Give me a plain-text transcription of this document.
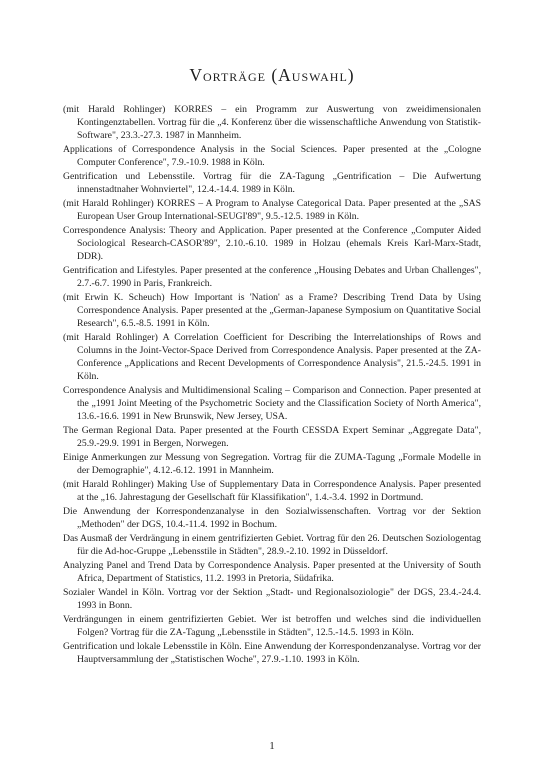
Vorträge (Auswahl)
(mit Harald Rohlinger) KORRES – ein Programm zur Auswertung von zweidimensionalen Kontingenztabellen. Vortrag für die „4. Konferenz über die wissenschaftliche Anwendung von Statistik-Software", 23.3.-27.3. 1987 in Mannheim.
Applications of Correspondence Analysis in the Social Sciences. Paper presented at the „Cologne Computer Conference", 7.9.-10.9. 1988 in Köln.
Gentrification und Lebensstile. Vortrag für die ZA-Tagung „Gentrification – Die Aufwertung innenstadtnaher Wohnviertel", 12.4.-14.4. 1989 in Köln.
(mit Harald Rohlinger) KORRES – A Program to Analyse Categorical Data. Paper presented at the „SAS European User Group International-SEUGI'89", 9.5.-12.5. 1989 in Köln.
Correspondence Analysis: Theory and Application. Paper presented at the Conference „Computer Aided Sociological Research-CASOR'89", 2.10.-6.10. 1989 in Holzau (ehemals Kreis Karl-Marx-Stadt, DDR).
Gentrification and Lifestyles. Paper presented at the conference „Housing Debates and Urban Challenges", 2.7.-6.7. 1990 in Paris, Frankreich.
(mit Erwin K. Scheuch) How Important is 'Nation' as a Frame? Describing Trend Data by Using Correspondence Analysis. Paper presented at the „German-Japanese Symposium on Quantitative Social Research", 6.5.-8.5. 1991 in Köln.
(mit Harald Rohlinger) A Correlation Coefficient for Describing the Interrelationships of Rows and Columns in the Joint-Vector-Space Derived from Correspondence Analysis. Paper presented at the ZA-Conference „Applications and Recent Developments of Correspondence Analysis", 21.5.-24.5. 1991 in Köln.
Correspondence Analysis and Multidimensional Scaling – Comparison and Connection. Paper presented at the „1991 Joint Meeting of the Psychometric Society and the Classification Society of North America", 13.6.-16.6. 1991 in New Brunswik, New Jersey, USA.
The German Regional Data. Paper presented at the Fourth CESSDA Expert Seminar „Aggregate Data", 25.9.-29.9. 1991 in Bergen, Norwegen.
Einige Anmerkungen zur Messung von Segregation. Vortrag für die ZUMA-Tagung „Formale Modelle in der Demographie", 4.12.-6.12. 1991 in Mannheim.
(mit Harald Rohlinger) Making Use of Supplementary Data in Correspondence Analysis. Paper presented at the „16. Jahrestagung der Gesellschaft für Klassifikation", 1.4.-3.4. 1992 in Dortmund.
Die Anwendung der Korrespondenzanalyse in den Sozialwissenschaften. Vortrag vor der Sektion „Methoden" der DGS, 10.4.-11.4. 1992 in Bochum.
Das Ausmaß der Verdrängung in einem gentrifizierten Gebiet. Vortrag für den 26. Deutschen Soziologentag für die Ad-hoc-Gruppe „Lebensstile in Städten", 28.9.-2.10. 1992 in Düsseldorf.
Analyzing Panel and Trend Data by Correspondence Analysis. Paper presented at the University of South Africa, Department of Statistics, 11.2. 1993 in Pretoria, Südafrika.
Sozialer Wandel in Köln. Vortrag vor der Sektion „Stadt- und Regionalsoziologie" der DGS, 23.4.-24.4. 1993 in Bonn.
Verdrängungen in einem gentrifizierten Gebiet. Wer ist betroffen und welches sind die individuellen Folgen? Vortrag für die ZA-Tagung „Lebensstile in Städten", 12.5.-14.5. 1993 in Köln.
Gentrification und lokale Lebensstile in Köln. Eine Anwendung der Korrespondenzanalyse. Vortrag vor der Hauptversammlung der „Statistischen Woche", 27.9.-1.10. 1993 in Köln.
1
